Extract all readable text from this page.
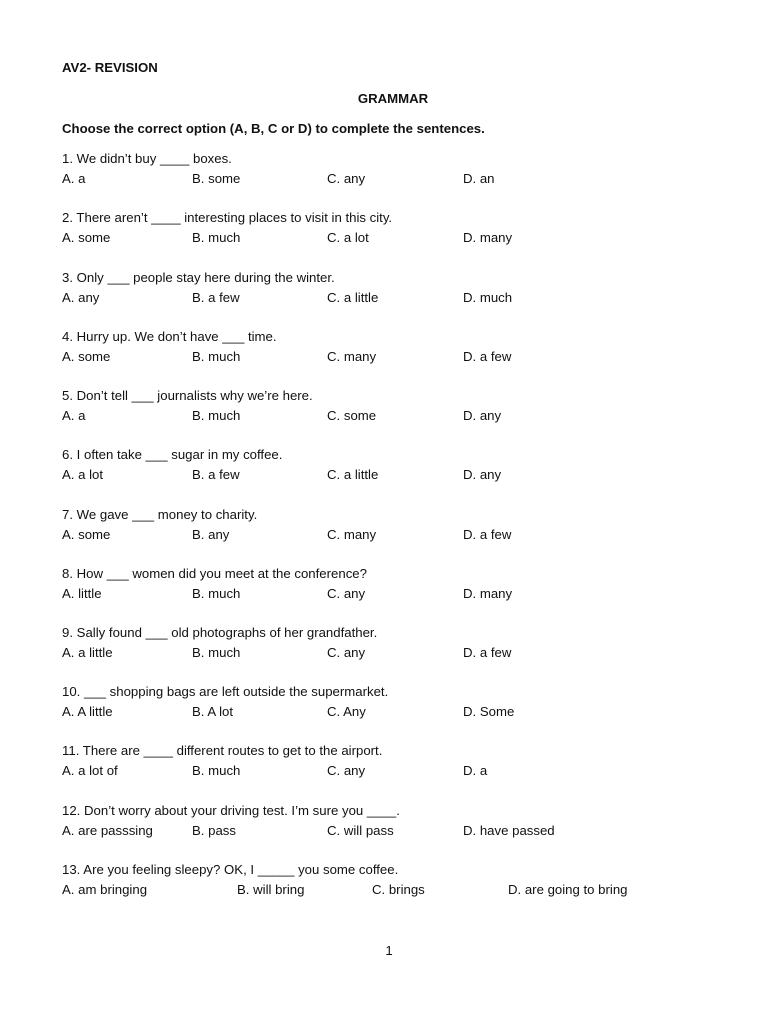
AV2- REVISION
GRAMMAR
Choose the correct option (A, B, C or D) to complete the sentences.
1. We didn’t buy ____ boxes.
A. a	B. some	C. any	D. an
2. There aren’t ____ interesting places to visit in this city.
A. some	B. much	C. a lot	D. many
3. Only ___ people stay here during the winter.
A. any	B. a few	C. a little	D. much
4. Hurry up. We don’t have ___ time.
A. some	B. much	C. many	D. a few
5. Don’t tell ___ journalists why we’re here.
A. a	B. much	C. some	D. any
6. I often take ___ sugar in my coffee.
A. a lot	B. a few	C. a little	D. any
7. We gave ___ money to charity.
A. some	B. any	C. many	D. a few
8. How ___ women did you meet at the conference?
A. little	B. much	C. any	D. many
9. Sally found ___ old photographs of her grandfather.
A. a little	B. much	C. any	D. a few
10. ___ shopping bags are left outside the supermarket.
A. A little	B. A lot	C. Any	D. Some
11. There are ____ different routes to get to the airport.
A. a lot of	B. much	C. any	D. a
12. Don’t worry about your driving test. I’m sure you ____.
A. are passsing	B. pass	C. will pass	D. have passed
13. Are you feeling sleepy? OK, I _____ you some coffee.
A. am bringing	B. will bring	C. brings	D. are going to bring
1
